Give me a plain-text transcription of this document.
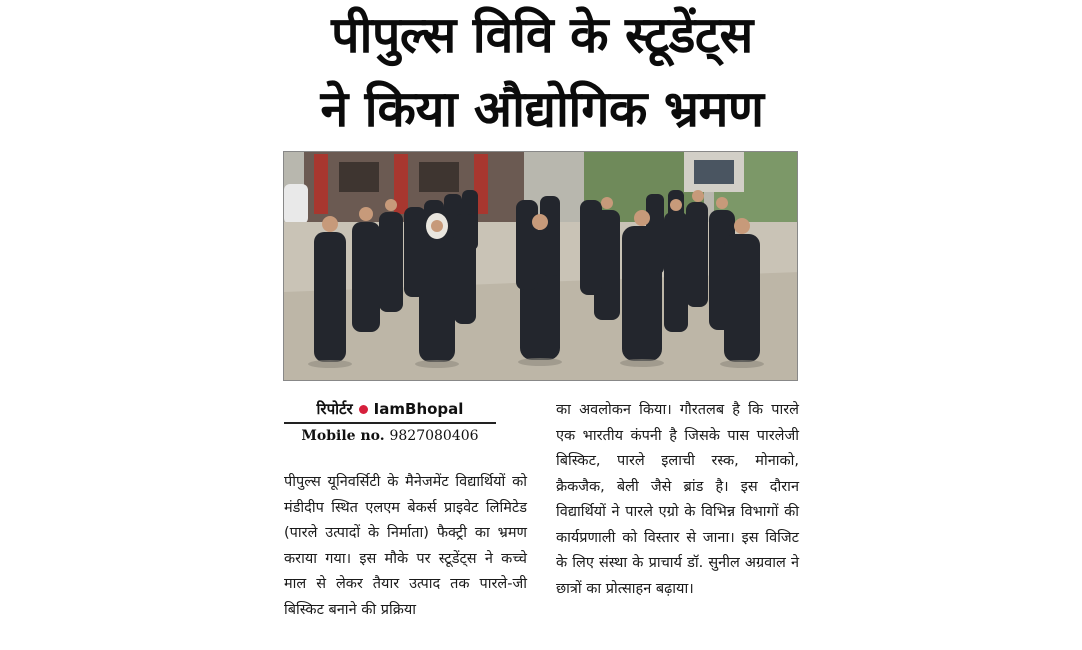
पीपुल्स विवि के स्टूडेंट्स
ने किया औद्योगिक भ्रमण
रिपोर्टर IamBhopal
Mobile no. 9827080406

पीपुल्स यूनिवर्सिटी के मैनेजमेंट विद्यार्थियों को मंडीदीप स्थित एलएम बेकर्स प्राइवेट लिमिटेड (पारले उत्पादों के निर्माता) फैक्ट्री का भ्रमण कराया गया। इस मौके पर स्टूडेंट्स ने कच्चे माल से लेकर तैयार उत्पाद तक पारले-जी बिस्किट बनाने की प्रक्रिया

का अवलोकन किया। गौरतलब है कि पारले एक भारतीय कंपनी है जिसके पास पारलेजी बिस्किट, पारले इलाची रस्क, मोनाको, क्रैकजैक, बेली जैसे ब्रांड है। इस दौरान विद्यार्थियों ने पारले एग्रो के विभिन्न विभागों की कार्यप्रणाली को विस्तार से जाना। इस विजिट के लिए संस्था के प्राचार्य डॉ. सुनील अग्रवाल ने छात्रों का प्रोत्साहन बढ़ाया।
